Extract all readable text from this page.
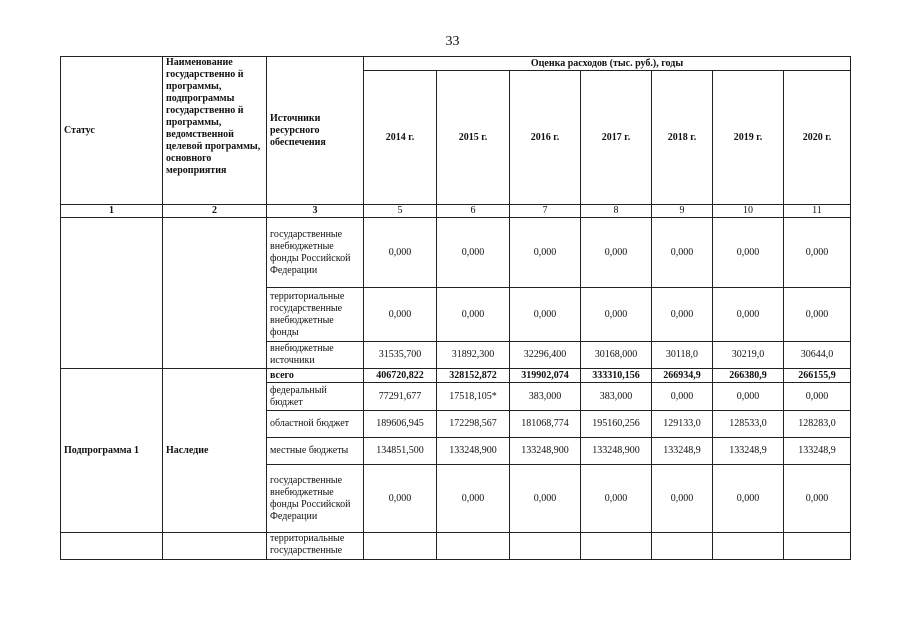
33
Статус	Наименование государственно й программы, подпрограммы государственно й программы, ведомственной целевой программы, основного мероприятия	Источники ресурсного обеспечения	Оценка расходов (тыс. руб.), годы						
			2014 г.	2015 г.	2016 г.	2017 г.	2018 г.	2019 г.	2020 г.
1	2	3	5	6	7	8	9	10	11
		государственные внебюджетные фонды Российской Федерации	0,000	0,000	0,000	0,000	0,000	0,000	0,000
		территориальные государственные внебюджетные фонды	0,000	0,000	0,000	0,000	0,000	0,000	0,000
		внебюджетные источники	31535,700	31892,300	32296,400	30168,000	30118,0	30219,0	30644,0
Подпрограмма 1	Наследие	всего	406720,822	328152,872	319902,074	333310,156	266934,9	266380,9	266155,9
		федеральный бюджет	77291,677	17518,105*	383,000	383,000	0,000	0,000	0,000
		областной бюджет	189606,945	172298,567	181068,774	195160,256	129133,0	128533,0	128283,0
		местные бюджеты	134851,500	133248,900	133248,900	133248,900	133248,9	133248,9	133248,9
		государственные внебюджетные фонды Российской Федерации	0,000	0,000	0,000	0,000	0,000	0,000	0,000
		территориальные государственные							
